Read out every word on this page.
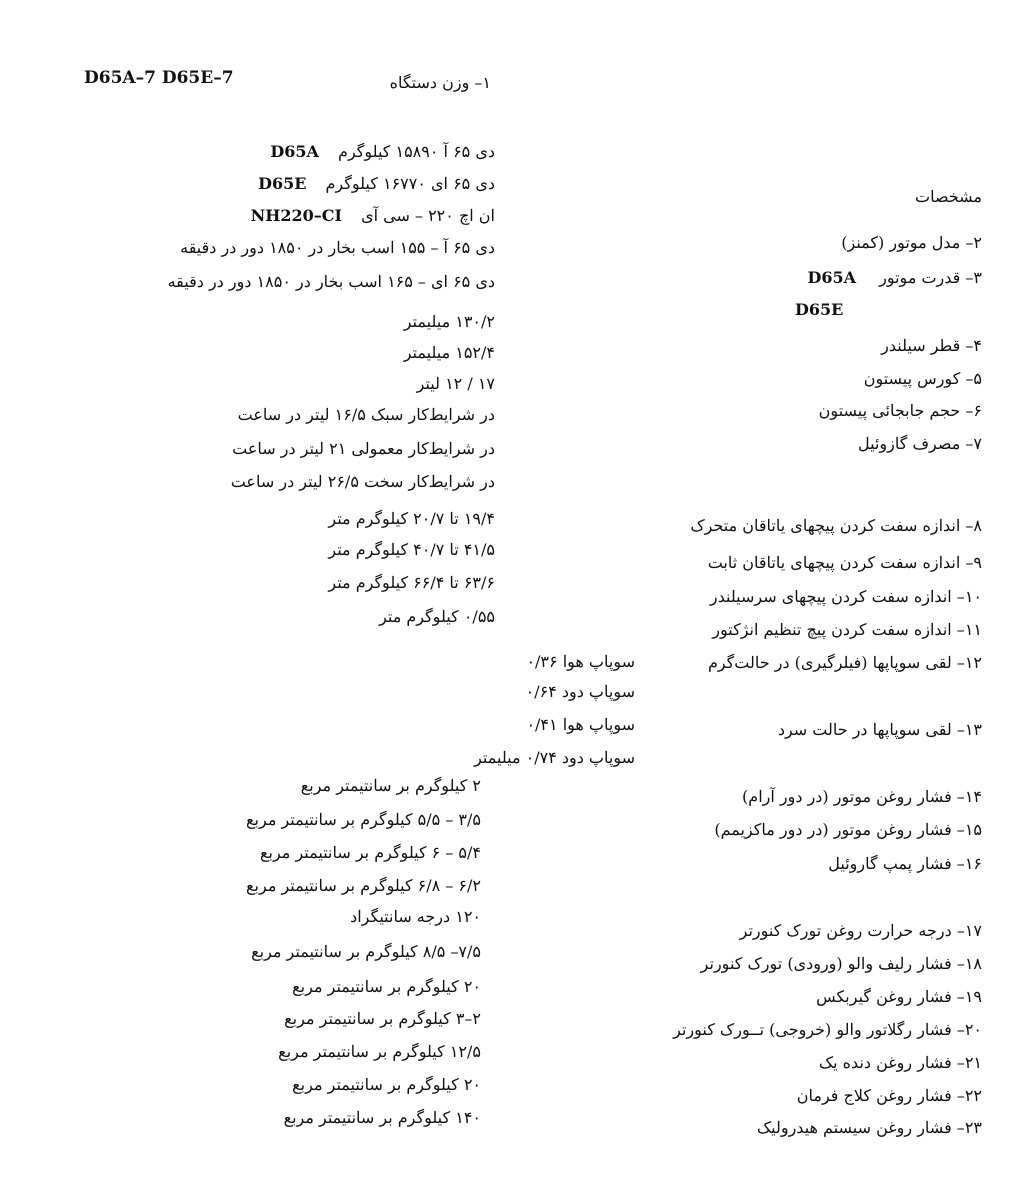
D65A–7 D65E–7	۱– وزن دستگاه
دی ۶۵ آ ۱۵۸۹۰ کیلوگرم D65A
دی ۶۵ ای ۱۶۷۷۰ کیلوگرم D65E
مشخصات
ان اچ ۲۲۰ – سی آی NH220–CI
دی ۶۵ آ – ۱۵۵ اسب بخار در ۱۸۵۰ دور در دقیقه
دی ۶۵ ای – ۱۶۵ اسب بخار در ۱۸۵۰ دور در دقیقه
۱۳۰/۲ میلیمتر
۱۵۲/۴ میلیمتر
۱۷ / ۱۲ لیتر
در شرایط‌کار سبک ۱۶/۵ لیتر در ساعت
در شرایط‌کار معمولی ۲۱ لیتر در ساعت
در شرایط‌کار سخت ۲۶/۵ لیتر در ساعت
۱۹/۴ تا ۲۰/۷ کیلوگرم متر
۴۱/۵ تا ۴۰/۷ کیلوگرم متر
۶۳/۶ تا ۶۶/۴ کیلوگرم متر
۰/۵۵ کیلوگرم متر
سوپاپ هوا ۰/۳۶
سوپاپ دود ۰/۶۴
سوپاپ هوا ۰/۴۱
سوپاپ دود ۰/۷۴ میلیمتر
۲ کیلوگرم بر سانتیمتر مربع
۳/۵ – ۵/۵ کیلوگرم بر سانتیمتر مربع
۵/۴ – ۶ کیلوگرم بر سانتیمتر مربع
۶/۲ – ۶/۸ کیلوگرم بر سانتیمتر مربع
۱۲۰ درجه سانتیگراد
۷/۵– ۸/۵ کیلوگرم بر سانتیمتر مربع
۲۰ کیلوگرم بر سانتیمتر مربع
۲–۳ کیلوگرم بر سانتیمتر مربع
۱۲/۵ کیلوگرم بر سانتیمتر مربع
۲۰ کیلوگرم بر سانتیمتر مربع
۱۴۰ کیلوگرم بر سانتیمتر مربع
۲– مدل موتور (کمنز)
۳– قدرت موتور D65A
D65E
۴– قطر سیلندر
۵– کورس پیستون
۶– حجم جابجائی پیستون
۷– مصرف گازوئیل
۸– اندازه سفت کردن پیچهای یاتاقان متحرک
۹– اندازه سفت کردن پیچهای یاتاقان ثابت
۱۰– اندازه سفت کردن پیچهای سرسیلندر
۱۱– اندازه سفت کردن پیچ تنظیم انژکتور
۱۲– لقی سوپاپها (فیلرگیری) در حالت‌گرم
۱۳– لقی سوپاپها در حالت سرد
۱۴– فشار روغن موتور (در دور آرام)
۱۵– فشار روغن موتور (در دور ماکزیمم)
۱۶– فشار پمپ گاروئیل
۱۷– درجه حرارت روغن تورک کنورتر
۱۸– فشار رلیف والو (ورودی) تورک کنورتر
۱۹– فشار روغن گیربکس
۲۰– فشار رگلاتور والو (خروجی) تــورک کنورتر
۲۱– فشار روغن دنده یک
۲۲– فشار روغن کلاج فرمان
۲۳– فشار روغن سیستم هیدرولیک
